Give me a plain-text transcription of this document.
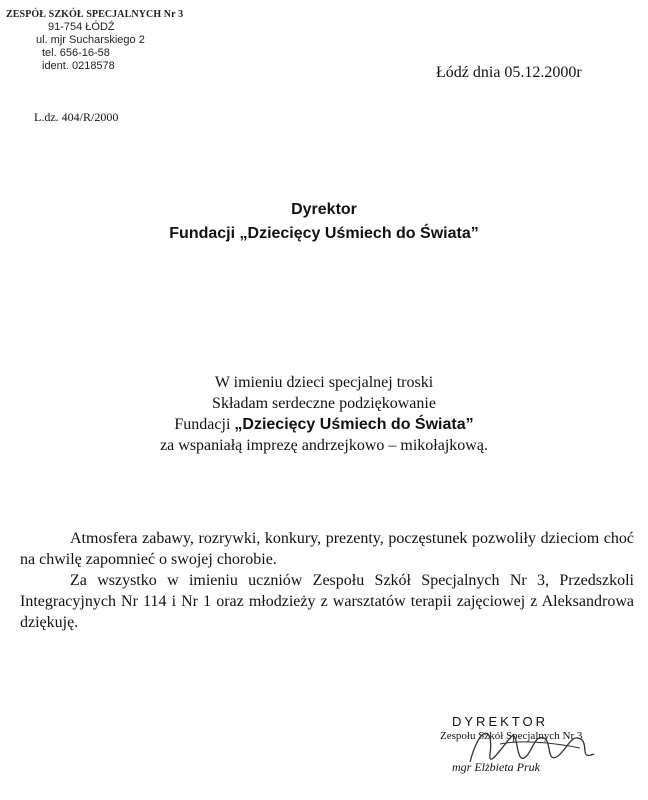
ZESPÓŁ SZKÓŁ SPECJALNYCH Nr 3
91-754 ŁÓDŹ
ul. mjr Sucharskiego 2
tel. 656-16-58
ident. 0218578	Łódź dnia 05.12.2000r
L.dz. 404/R/2000
Dyrektor
Fundacji „Dziecięcy Uśmiech do Świata”
W imieniu dzieci specjalnej troski
Składam serdeczne podziękowanie
Fundacji „Dziecięcy Uśmiech do Świata”
za wspaniałą imprezę andrzejkowo – mikołajkową.

Atmosfera zabawy, rozrywki, konkury, prezenty, poczęstunek pozwoliły dzieciom choć na chwilę zapomnieć o swojej chorobie.

Za wszystko w imieniu uczniów Zespołu Szkół Specjalnych Nr 3, Przedszkoli Integracyjnych Nr 114 i Nr 1 oraz młodzieży z warsztatów terapii zajęciowej z Aleksandrowa dziękuję.

DYREKTOR
Zespołu Szkół Specjalnych Nr 3
mgr Elżbieta Pruk
